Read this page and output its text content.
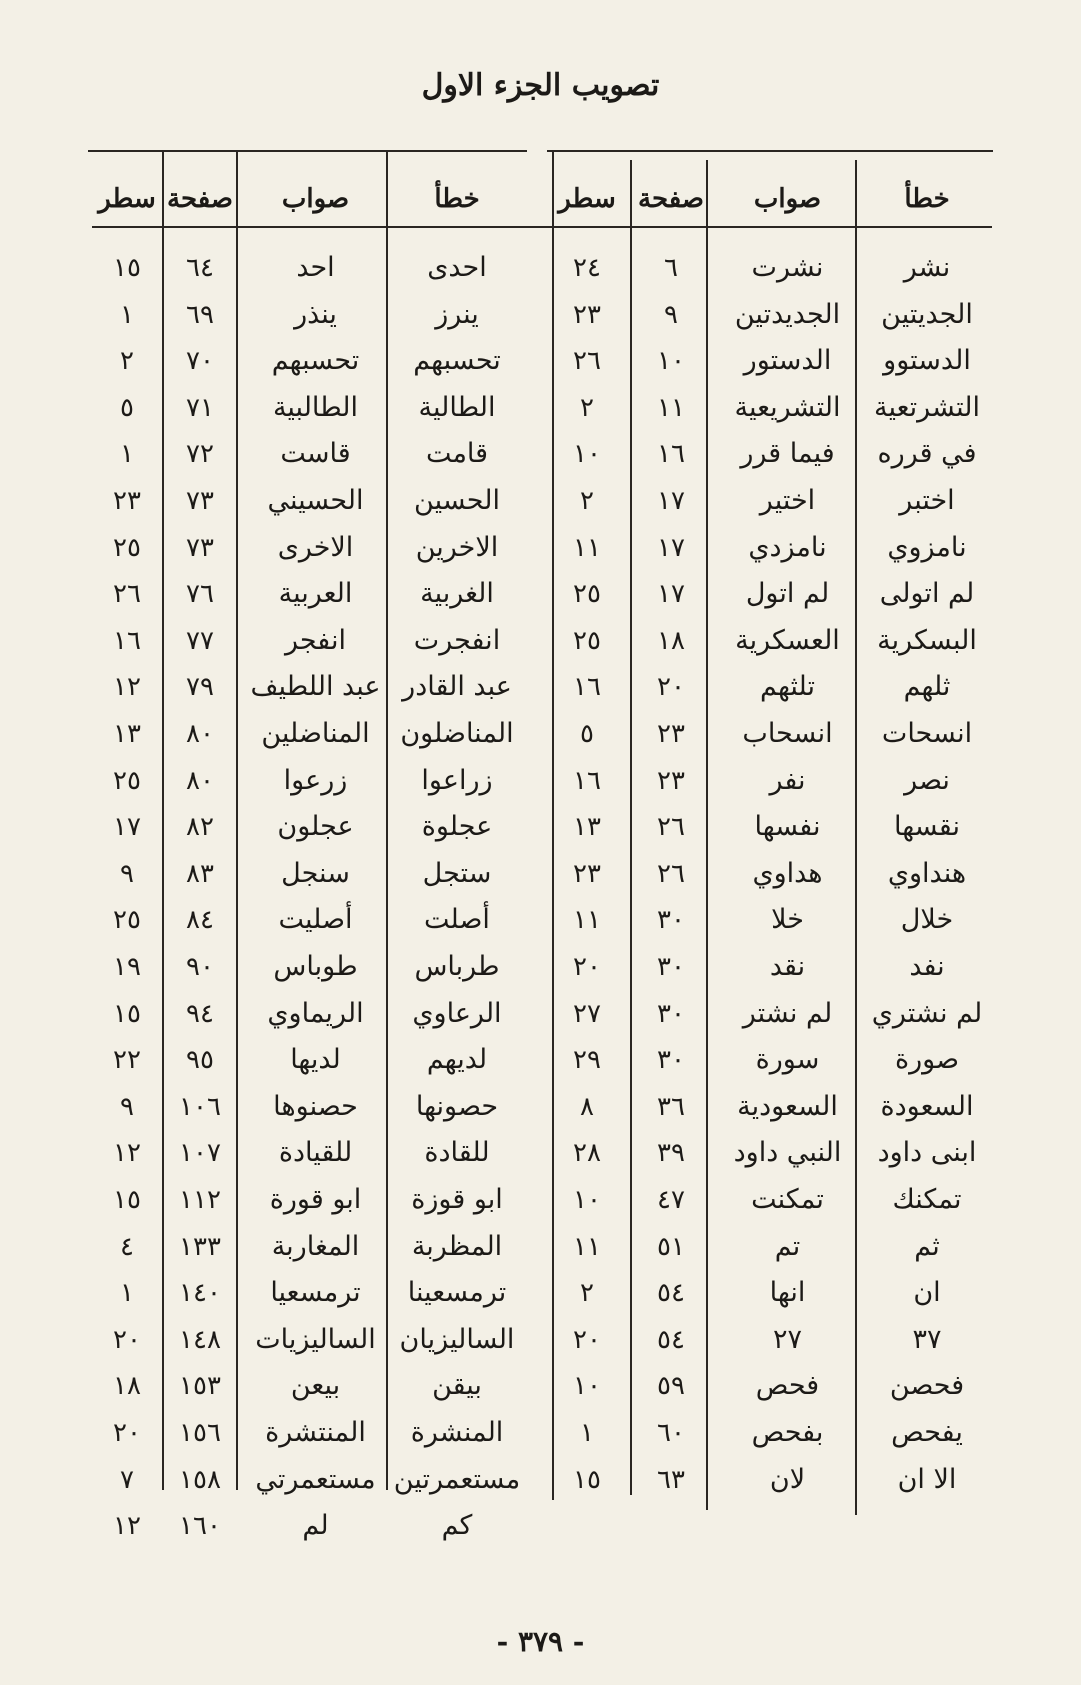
تصويب الجزء الاول
خطأ
صواب
صفحة
سطر
نشر
نشرت
٦
٢٤
الجديتين
الجديدتين
٩
٢٣
الدستوو
الدستور
١٠
٢٦
التشرتعية
التشريعية
١١
٢
في قرره
فيما قرر
١٦
١٠
اختبر
اختير
١٧
٢
نامزوي
نامزدي
١٧
١١
لم اتولى
لم اتول
١٧
٢٥
البسكرية
العسكرية
١٨
٢٥
ثلهم
تلثهم
٢٠
١٦
انسحات
انسحاب
٢٣
٥
نصر
نفر
٢٣
١٦
نقسها
نفسها
٢٦
١٣
هنداوي
هداوي
٢٦
٢٣
خلال
خلا
٣٠
١١
نفد
نقد
٣٠
٢٠
لم نشتري
لم نشتر
٣٠
٢٧
صورة
سورة
٣٠
٢٩
السعودة
السعودية
٣٦
٨
ابنى داود
النبي داود
٣٩
٢٨
تمكنك
تمكنت
٤٧
١٠
ثم
تم
٥١
١١
ان
انها
٥٤
٢
٣٧
٢٧
٥٤
٢٠
فحصن
فحص
٥٩
١٠
يفحص
بفحص
٦٠
١
الا ان
لان
٦٣
١٥
خطأ
صواب
صفحة
سطر
احدى
احد
٦٤
١٥
ينرز
ينذر
٦٩
١
تحسبهم
تحسبهم
٧٠
٢
الطالية
الطالبية
٧١
٥
قامت
قاست
٧٢
١
الحسين
الحسيني
٧٣
٢٣
الاخرين
الاخرى
٧٣
٢٥
الغربية
العربية
٧٦
٢٦
انفجرت
انفجر
٧٧
١٦
عبد القادر
عبد اللطيف
٧٩
١٢
المناضلون
المناضلين
٨٠
١٣
زراعوا
زرعوا
٨٠
٢٥
عجلوة
عجلون
٨٢
١٧
ستجل
سنجل
٨٣
٩
أصلت
أصليت
٨٤
٢٥
طرباس
طوباس
٩٠
١٩
الرعاوي
الريماوي
٩٤
١٥
لديهم
لديها
٩٥
٢٢
حصونها
حصنوها
١٠٦
٩
للقادة
للقيادة
١٠٧
١٢
ابو قوزة
ابو قورة
١١٢
١٥
المظربة
المغاربة
١٣٣
٤
ترمسعينا
ترمسعيا
١٤٠
١
الساليزيان
الساليزيات
١٤٨
٢٠
بيقن
بيعن
١٥٣
١٨
المنشرة
المنتشرة
١٥٦
٢٠
مستعمرتين
مستعمرتي
١٥٨
٧
كم
لم
١٦٠
١٢
- ٣٧٩ -
